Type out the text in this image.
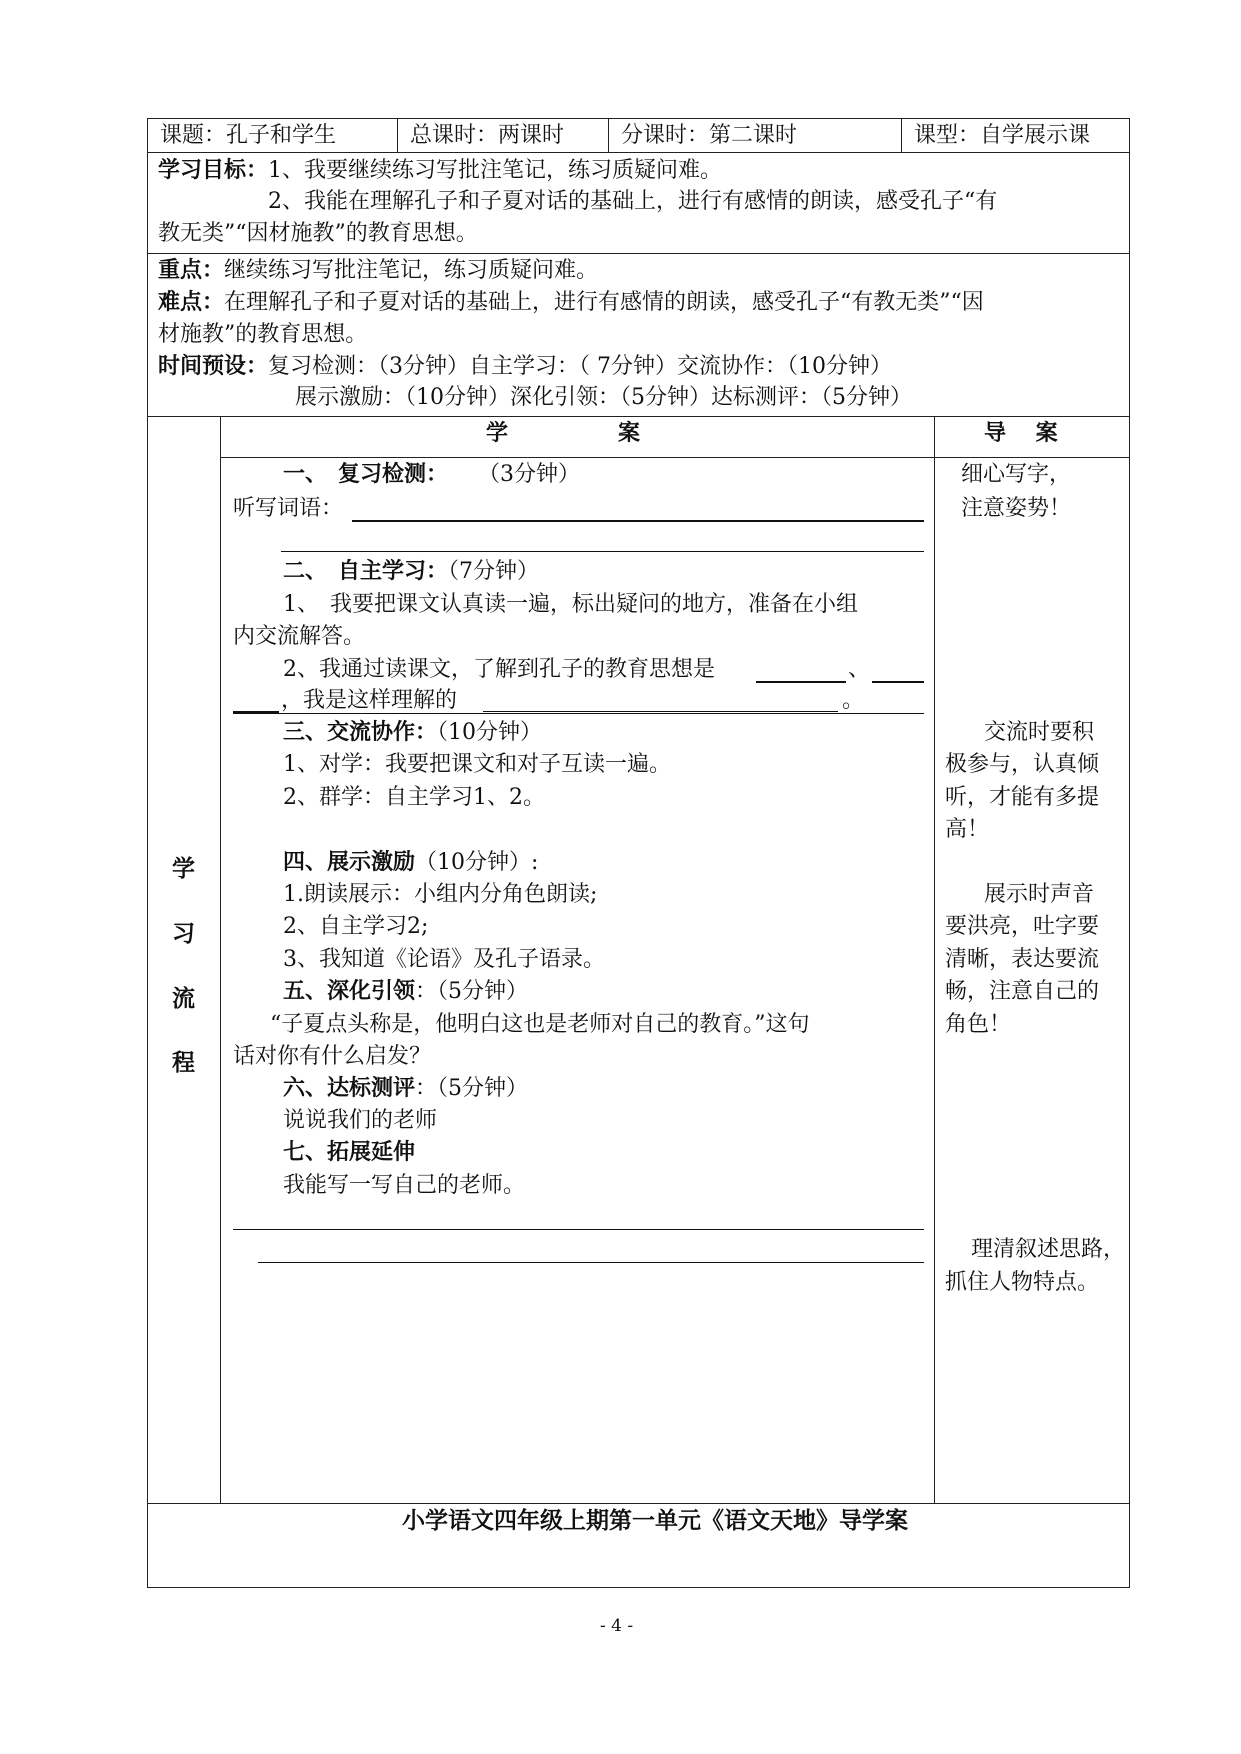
课题：孔子和学生	总课时：两课时	分课时：第二课时	课型：自学展示课
学习目标： 1、我要继续练习写批注笔记，练习质疑问难。
2、我能在理解孔子和子夏对话的基础上，进行有感情的朗读，感受孔子“有
教无类”“因材施教”的教育思想。
重点： 继续练习写批注笔记，练习质疑问难。
难点： 在理解孔子和子夏对话的基础上，进行有感情的朗读，感受孔子“有教无类”“因
材施教”的教育思想。
时间预设： 复习检测：（3分钟）自主学习：（ 7分钟）交流协作：（10分钟）
展示激励：（10分钟）深化引领：（5分钟）达标测评：（5分钟）
学　　　　　案	导　 案
学
习
流
程
一、　复习检测： （3分钟）
听写词语：
二、　自主学习：（7分钟）
1、　我要把课文认真读一遍，标出疑问的地方，准备在小组
内交流解答。
2、我通过读课文，了解到孔子的教育思想是	、
，我是这样理解的	。
三、交流协作：（10分钟）
1、对学：我要把课文和对子互读一遍。
2、群学：自主学习1、2。
四、展示激励（10分钟）:
1.朗读展示：小组内分角色朗读;
2、自主学习2;
3、我知道《论语》及孔子语录。
五、深化引领：（5分钟）
“子夏点头称是，他明白这也是老师对自己的教育。”这句
话对你有什么启发？
六、达标测评：（5分钟）
说说我们的老师
七、拓展延伸
我能写一写自己的老师。
细心写字，
注意姿势！
交流时要积
极参与，认真倾
听，才能有多提
高！
展示时声音
要洪亮，吐字要
清晰，表达要流
畅，注意自己的
角色！
理清叙述思路，
抓住人物特点。
小学语文四年级上期第一单元《语文天地》导学案
- 4 -
